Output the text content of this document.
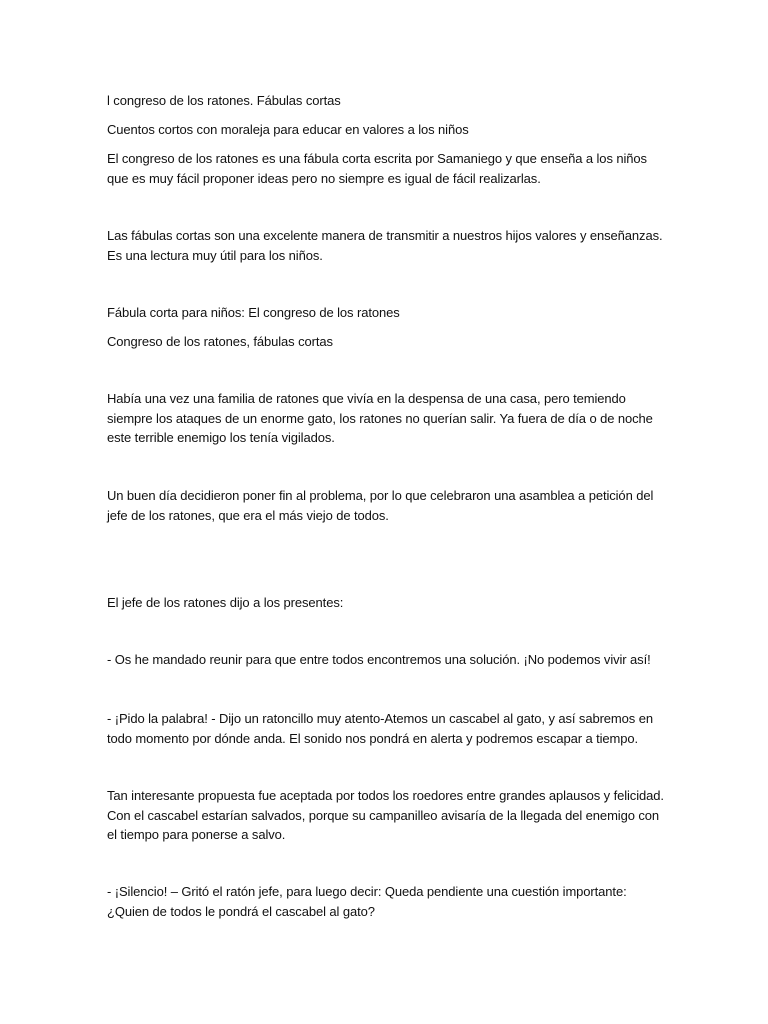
l congreso de los ratones. Fábulas cortas

Cuentos cortos con moraleja para educar en valores a los niños

El congreso de los ratones es una fábula corta escrita por Samaniego y que enseña a los niños que es muy fácil proponer ideas pero no siempre es igual de fácil realizarlas.

Las fábulas cortas son una excelente manera de transmitir a nuestros hijos valores y enseñanzas. Es una lectura muy útil para los niños.

Fábula corta para niños: El congreso de los ratones

Congreso de los ratones, fábulas cortas

Había una vez una familia de ratones que vivía en la despensa de una casa, pero temiendo siempre los ataques de un enorme gato, los ratones no querían salir. Ya fuera de día o de noche este terrible enemigo los tenía vigilados.

Un buen día decidieron poner fin al problema, por lo que celebraron una asamblea a petición del jefe de los ratones, que era el más viejo de todos.

El jefe de los ratones dijo a los presentes:

- Os he mandado reunir para que entre todos encontremos una solución. ¡No podemos vivir así!

- ¡Pido la palabra! - Dijo un ratoncillo muy atento-Atemos un cascabel al gato, y así sabremos en todo momento por dónde anda. El sonido nos pondrá en alerta y podremos escapar a tiempo.

Tan interesante propuesta fue aceptada por todos los roedores entre grandes aplausos y felicidad. Con el cascabel estarían salvados, porque su campanilleo avisaría de la llegada del enemigo con el tiempo para ponerse a salvo.

- ¡Silencio! – Gritó el ratón jefe, para luego decir: Queda pendiente una cuestión importante: ¿Quien de todos le pondrá el cascabel al gato?
